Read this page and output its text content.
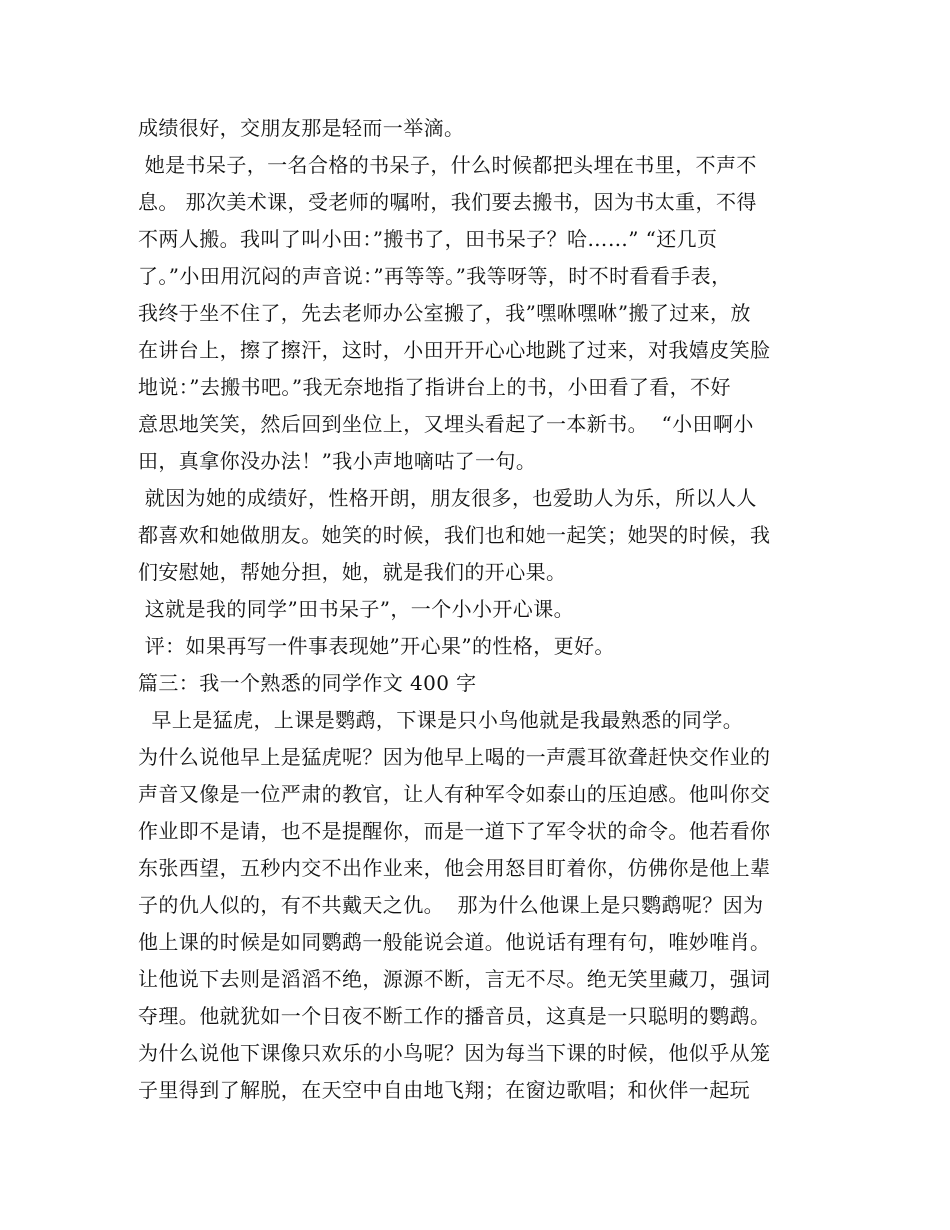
成绩很好，交朋友那是轻而一举滴。
她是书呆子，一名合格的书呆子，什么时候都把头埋在书里，不声不
息。 那次美术课，受老师的嘱咐，我们要去搬书，因为书太重，不得
不两人搬。我叫了叫小田：”搬书了，田书呆子？哈……” “还几页
了。”小田用沉闷的声音说：”再等等。”我等呀等，时不时看看手表，
我终于坐不住了，先去老师办公室搬了，我”嘿咻嘿咻”搬了过来，放
在讲台上，擦了擦汗，这时，小田开开心心地跳了过来，对我嬉皮笑脸
地说：”去搬书吧。”我无奈地指了指讲台上的书，小田看了看，不好
意思地笑笑，然后回到坐位上，又埋头看起了一本新书。  “小田啊小
田，真拿你没办法！”我小声地嘀咕了一句。
就因为她的成绩好，性格开朗，朋友很多，也爱助人为乐，所以人人
都喜欢和她做朋友。她笑的时候，我们也和她一起笑；她哭的时候，我
们安慰她，帮她分担，她，就是我们的开心果。
这就是我的同学”田书呆子”，一个小小开心课。
评：如果再写一件事表现她”开心果”的性格，更好。
篇三：我一个熟悉的同学作文 400 字
早上是猛虎，上课是鹦鹉，下课是只小鸟他就是我最熟悉的同学。
为什么说他早上是猛虎呢？因为他早上喝的一声震耳欲聋赶快交作业的
声音又像是一位严肃的教官，让人有种军令如泰山的压迫感。他叫你交
作业即不是请，也不是提醒你，而是一道下了军令状的命令。他若看你
东张西望，五秒内交不出作业来，他会用怒目盯着你，仿佛你是他上辈
子的仇人似的，有不共戴天之仇。  那为什么他课上是只鹦鹉呢？因为
他上课的时候是如同鹦鹉一般能说会道。他说话有理有句，唯妙唯肖。
让他说下去则是滔滔不绝，源源不断，言无不尽。绝无笑里藏刀，强词
夺理。他就犹如一个日夜不断工作的播音员，这真是一只聪明的鹦鹉。
为什么说他下课像只欢乐的小鸟呢？因为每当下课的时候，他似乎从笼
子里得到了解脱，在天空中自由地飞翔；在窗边歌唱；和伙伴一起玩
